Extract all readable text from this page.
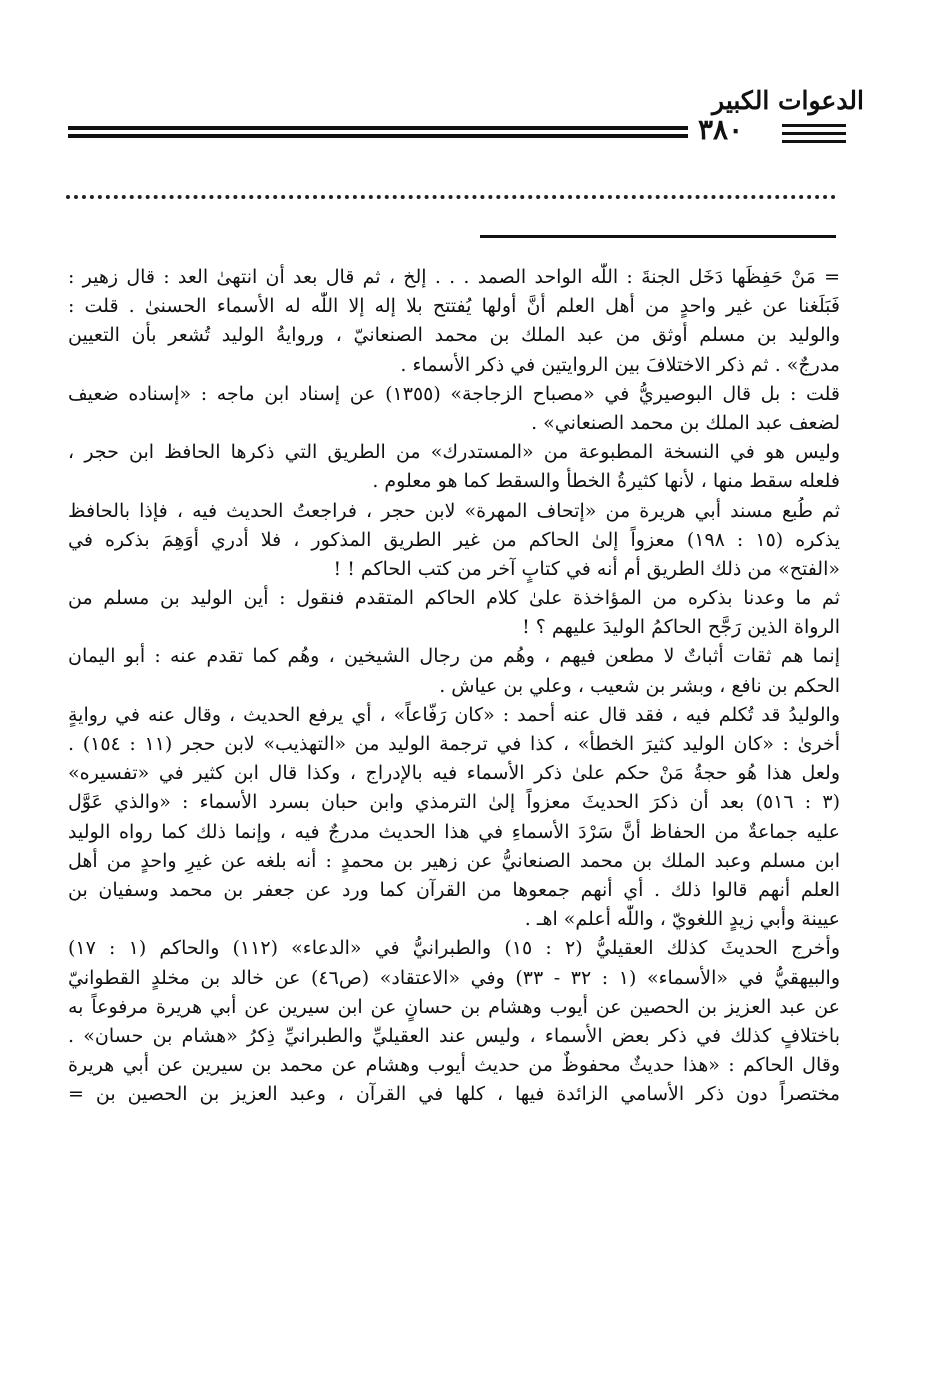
الدعوات الكبير
٣٨٠
= مَنْ حَفِظَها دَخَل الجنةَ : اللّٰه الواحد الصمد . . . إلخ ، ثم قال بعد أن انتهىٰ العد : قال زهير :
فَبَلَغنا عن غير واحدٍ من أهل العلم أَنَّ أولها يُفتتح بلا إله إلا اللّٰه له الأسماء الحسنىٰ . قلت :
والوليد بن مسلم أوثق من عبد الملك بن محمد الصنعانيّ ، وروايةُ الوليد تُشعر بأن التعيين
مدرجٌ» . ثم ذكر الاختلافَ بين الروايتين في ذكر الأسماء .
قلت : بل قال البوصيريُّ في «مصباح الزجاجة» (١٣٥٥) عن إسناد ابن ماجه : «إسناده ضعيف
لضعف عبد الملك بن محمد الصنعاني» .
وليس هو في النسخة المطبوعة من «المستدرك» من الطريق التي ذكرها الحافظ ابن حجر ،
فلعله سقط منها ، لأنها كثيرةُ الخطأ والسقط كما هو معلوم .
ثم طُبع مسند أبي هريرة من «إتحاف المهرة» لابن حجر ، فراجعتُ الحديث فيه ، فإذا بالحافظ
يذكره (١٥ : ١٩٨) معزواً إلىٰ الحاكم من غير الطريق المذكور ، فلا أدري أَوَهِمَ بذكره في
«الفتح» من ذلك الطريق أم أنه في كتابٍ آخر من كتب الحاكم ! !
ثم ما وعدنا بذكره من المؤاخذة علىٰ كلام الحاكم المتقدم فنقول : أين الوليد بن مسلم من
الرواة الذين رَجَّح الحاكمُ الوليدَ عليهم ؟ !
إنما هم ثقات أثباتٌ لا مطعن فيهم ، وهُم من رجال الشيخين ، وهُم كما تقدم عنه : أبو اليمان
الحكم بن نافع ، وبشر بن شعيب ، وعلي بن عياش .
والوليدُ قد تُكلم فيه ، فقد قال عنه أحمد : «كان رَفّاعاً» ، أي يرفع الحديث ، وقال عنه في روايةٍ
أخرىٰ : «كان الوليد كثيرَ الخطأ» ، كذا في ترجمة الوليد من «التهذيب» لابن حجر (١١ : ١٥٤) .
ولعل هذا هُو حجةُ مَنْ حكم علىٰ ذكر الأسماء فيه بالإدراج ، وكذا قال ابن كثير في «تفسيره»
(٣ : ٥١٦) بعد أن ذكرَ الحديثَ معزواً إلىٰ الترمذي وابن حبان بسرد الأسماء : «والذي عَوَّل
عليه جماعةٌ من الحفاظ أَنَّ سَرْدَ الأسماءِ في هذا الحديث مدرجٌ فيه ، وإنما ذلك كما رواه الوليد
ابن مسلم وعبد الملك بن محمد الصنعانيُّ عن زهير بن محمدٍ : أنه بلغه عن غيرِ واحدٍ من أهل
العلم أنهم قالوا ذلك . أي أنهم جمعوها من القرآن كما ورد عن جعفر بن محمد وسفيان بن
عيينة وأبي زيدٍ اللغويّ ، واللّٰه أعلم» اهـ .
وأخرج الحديثَ كذلك العقيليُّ (٢ : ١٥) والطبرانيُّ في «الدعاء» (١١٢) والحاكم (١ : ١٧)
والبيهقيُّ في «الأسماء» (١ : ٣٢ - ٣٣) وفي «الاعتقاد» (ص٤٦) عن خالد بن مخلدٍ القطوانيّ
عن عبد العزيز بن الحصين عن أيوب وهشام بن حسانٍ عن ابن سيرين عن أبي هريرة مرفوعاً به
باختلافٍ كذلك في ذكر بعض الأسماء ، وليس عند العقيليِّ والطبرانيِّ ذِكرُ «هشام بن حسان» .
وقال الحاكم : «هذا حديثٌ محفوظٌ من حديث أيوب وهشام عن محمد بن سيرين عن أبي هريرة
مختصراً دون ذكر الأسامي الزائدة فيها ، كلها في القرآن ، وعبد العزيز بن الحصين بن =
